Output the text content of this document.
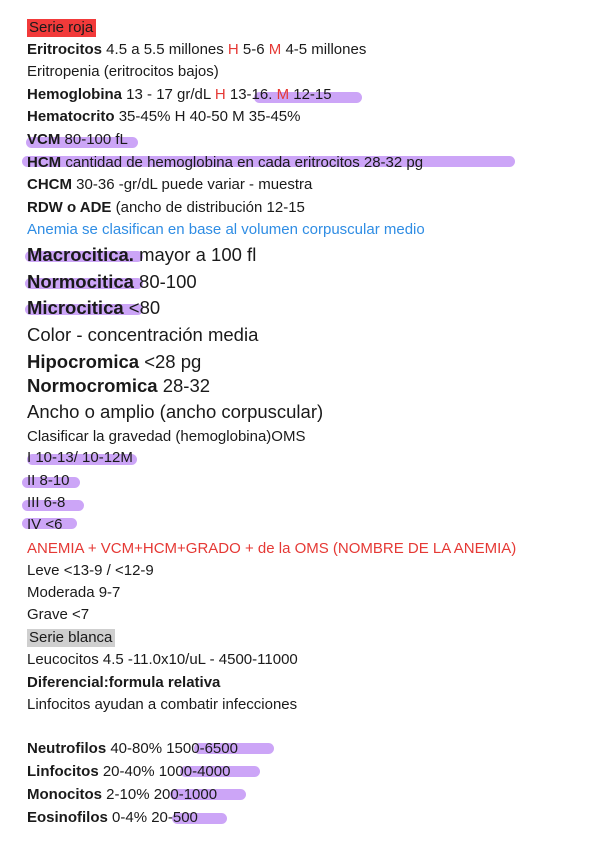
Serie roja
Eritrocitos 4.5 a 5.5 millones H 5-6 M 4-5 millones
Eritropenia (eritrocitos bajos)
Hemoglobina 13 - 17 gr/dL H 13-16. M 12-15
Hematocrito 35-45% H 40-50 M 35-45%
VCM 80-100 fL
HCM cantidad de hemoglobina en cada eritrocitos 28-32 pg
CHCM 30-36 -gr/dL puede variar - muestra
RDW o ADE (ancho de distribución 12-15
Anemia se clasifican en base al volumen corpuscular medio
Macrocitica. mayor a 100 fl
Normocitica 80-100
Microcitica <80
Color - concentración media
Hipocromica <28 pg
Normocromica 28-32
Ancho o amplio (ancho corpuscular)
Clasificar la gravedad (hemoglobina)OMS
I 10-13/ 10-12M
II 8-10
III 6-8
IV <6
ANEMIA + VCM+HCM+GRADO + de la OMS (NOMBRE DE LA ANEMIA)
Leve <13-9 / <12-9
Moderada 9-7
Grave <7
Serie blanca
Leucocitos 4.5 -11.0x10/uL - 4500-11000
Diferencial:formula relativa
Linfocitos ayudan a combatir infecciones
Neutrofilos 40-80% 1500-6500
Linfocitos 20-40% 1000-4000
Monocitos 2-10% 200-1000
Eosinofilos 0-4% 20-500
